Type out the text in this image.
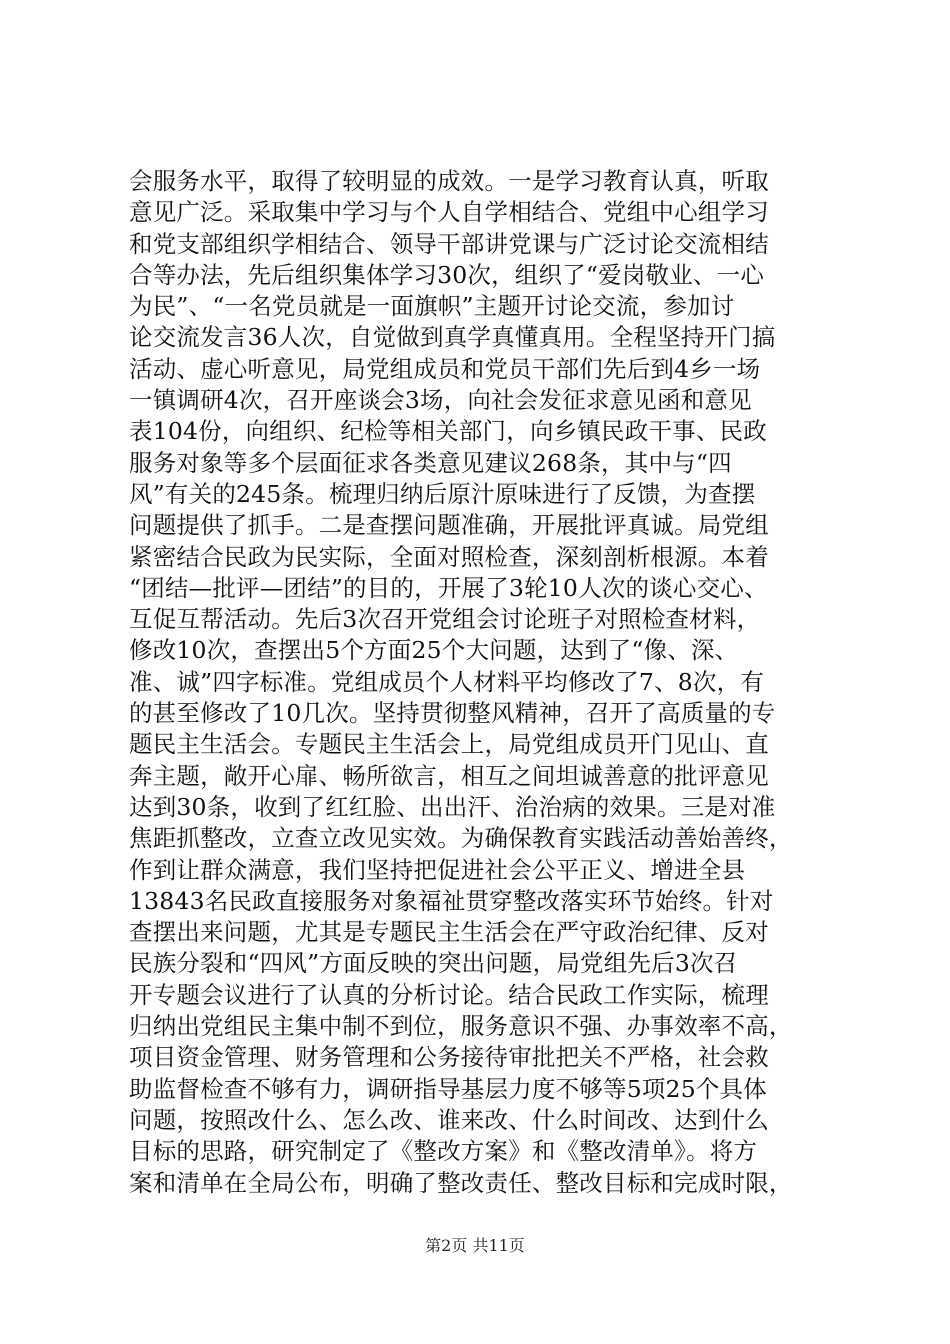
会服务水平，取得了较明显的成效。一是学习教育认真，听取
意见广泛。采取集中学习与个人自学相结合、党组中心组学习
和党支部组织学相结合、领导干部讲党课与广泛讨论交流相结
合等办法，先后组织集体学习30次，组织了“爱岗敬业、一心
为民”、“一名党员就是一面旗帜”主题开讨论交流，参加讨
论交流发言36人次，自觉做到真学真懂真用。全程坚持开门搞
活动、虚心听意见，局党组成员和党员干部们先后到4乡一场
一镇调研4次，召开座谈会3场，向社会发征求意见函和意见
表104份，向组织、纪检等相关部门，向乡镇民政干事、民政
服务对象等多个层面征求各类意见建议268条，其中与“四
风”有关的245条。梳理归纳后原汁原味进行了反馈，为查摆
问题提供了抓手。二是查摆问题准确，开展批评真诚。局党组
紧密结合民政为民实际，全面对照检查，深刻剖析根源。本着
“团结—批评—团结”的目的，开展了3轮10人次的谈心交心、
互促互帮活动。先后3次召开党组会讨论班子对照检查材料，
修改10次，查摆出5个方面25个大问题，达到了“像、深、
准、诚”四字标准。党组成员个人材料平均修改了7、8次，有
的甚至修改了10几次。坚持贯彻整风精神，召开了高质量的专
题民主生活会。专题民主生活会上，局党组成员开门见山、直
奔主题，敞开心扉、畅所欲言，相互之间坦诚善意的批评意见
达到30条，收到了红红脸、出出汗、治治病的效果。三是对准
焦距抓整改，立查立改见实效。为确保教育实践活动善始善终，
作到让群众满意，我们坚持把促进社会公平正义、增进全县
13843名民政直接服务对象福祉贯穿整改落实环节始终。针对
查摆出来问题，尤其是专题民主生活会在严守政治纪律、反对
民族分裂和“四风”方面反映的突出问题，局党组先后3次召
开专题会议进行了认真的分析讨论。结合民政工作实际，梳理
归纳出党组民主集中制不到位，服务意识不强、办事效率不高，
项目资金管理、财务管理和公务接待审批把关不严格，社会救
助监督检查不够有力，调研指导基层力度不够等5项25个具体
问题，按照改什么、怎么改、谁来改、什么时间改、达到什么
目标的思路，研究制定了《整改方案》和《整改清单》。将方
案和清单在全局公布，明确了整改责任、整改目标和完成时限，
第2页 共11页
